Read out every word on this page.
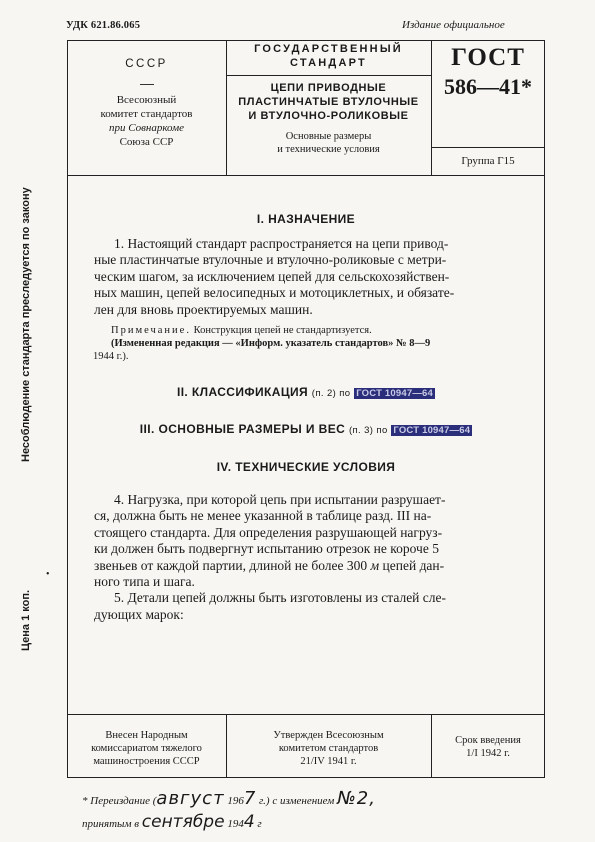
УДК 621.86.065	Издание официальное
СССР
Всесоюзный
комитет стандартов
при Совнаркоме
Союза ССР
ГОСУДАРСТВЕННЫЙ
СТАНДАРТ
ЦЕПИ ПРИВОДНЫЕ
ПЛАСТИНЧАТЫЕ ВТУЛОЧНЫЕ
И ВТУЛОЧНО-РОЛИКОВЫЕ
Основные размеры
и технические условия
ГОСТ
586—41*
Группа Г15
Несоблюдение стандарта преследуется по закону
Цена 1 коп.
I. НАЗНАЧЕНИЕ
1. Настоящий стандарт распространяется на цепи привод-
ные пластинчатые втулочные и втулочно-роликовые с метри-
ческим шагом, за исключением цепей для сельскохозяйствен-
ных машин, цепей велосипедных и мотоциклетных, и обязате-
лен для вновь проектируемых машин.
Примечание. Конструкция цепей не стандартизуется.
(Измененная редакция — «Информ. указатель стандартов» № 8—9
1944 г.).
II. КЛАССИФИКАЦИЯ (п. 2) по ГОСТ 10947—64
III. ОСНОВНЫЕ РАЗМЕРЫ И ВЕС (п. 3) по ГОСТ 10947—64
IV. ТЕХНИЧЕСКИЕ УСЛОВИЯ
4. Нагрузка, при которой цепь при испытании разрушает-
ся, должна быть не менее указанной в таблице разд. III на-
стоящего стандарта. Для определения разрушающей нагруз-
ки должен быть подвергнут испытанию отрезок не короче 5
звеньев от каждой партии, длиной не более 300 м цепей дан-
ного типа и шага.
5. Детали цепей должны быть изготовлены из сталей сле-
дующих марок:
•
Внесен Народным
комиссариатом тяжелого
машиностроения СССР
Утвержден Всесоюзным
комитетом стандартов
21/IV 1941 г.
Срок введения
1/I 1942 г.
* Переиздание (август 1967 г.) с изменением №2,
принятым в сентябре 1944 г
